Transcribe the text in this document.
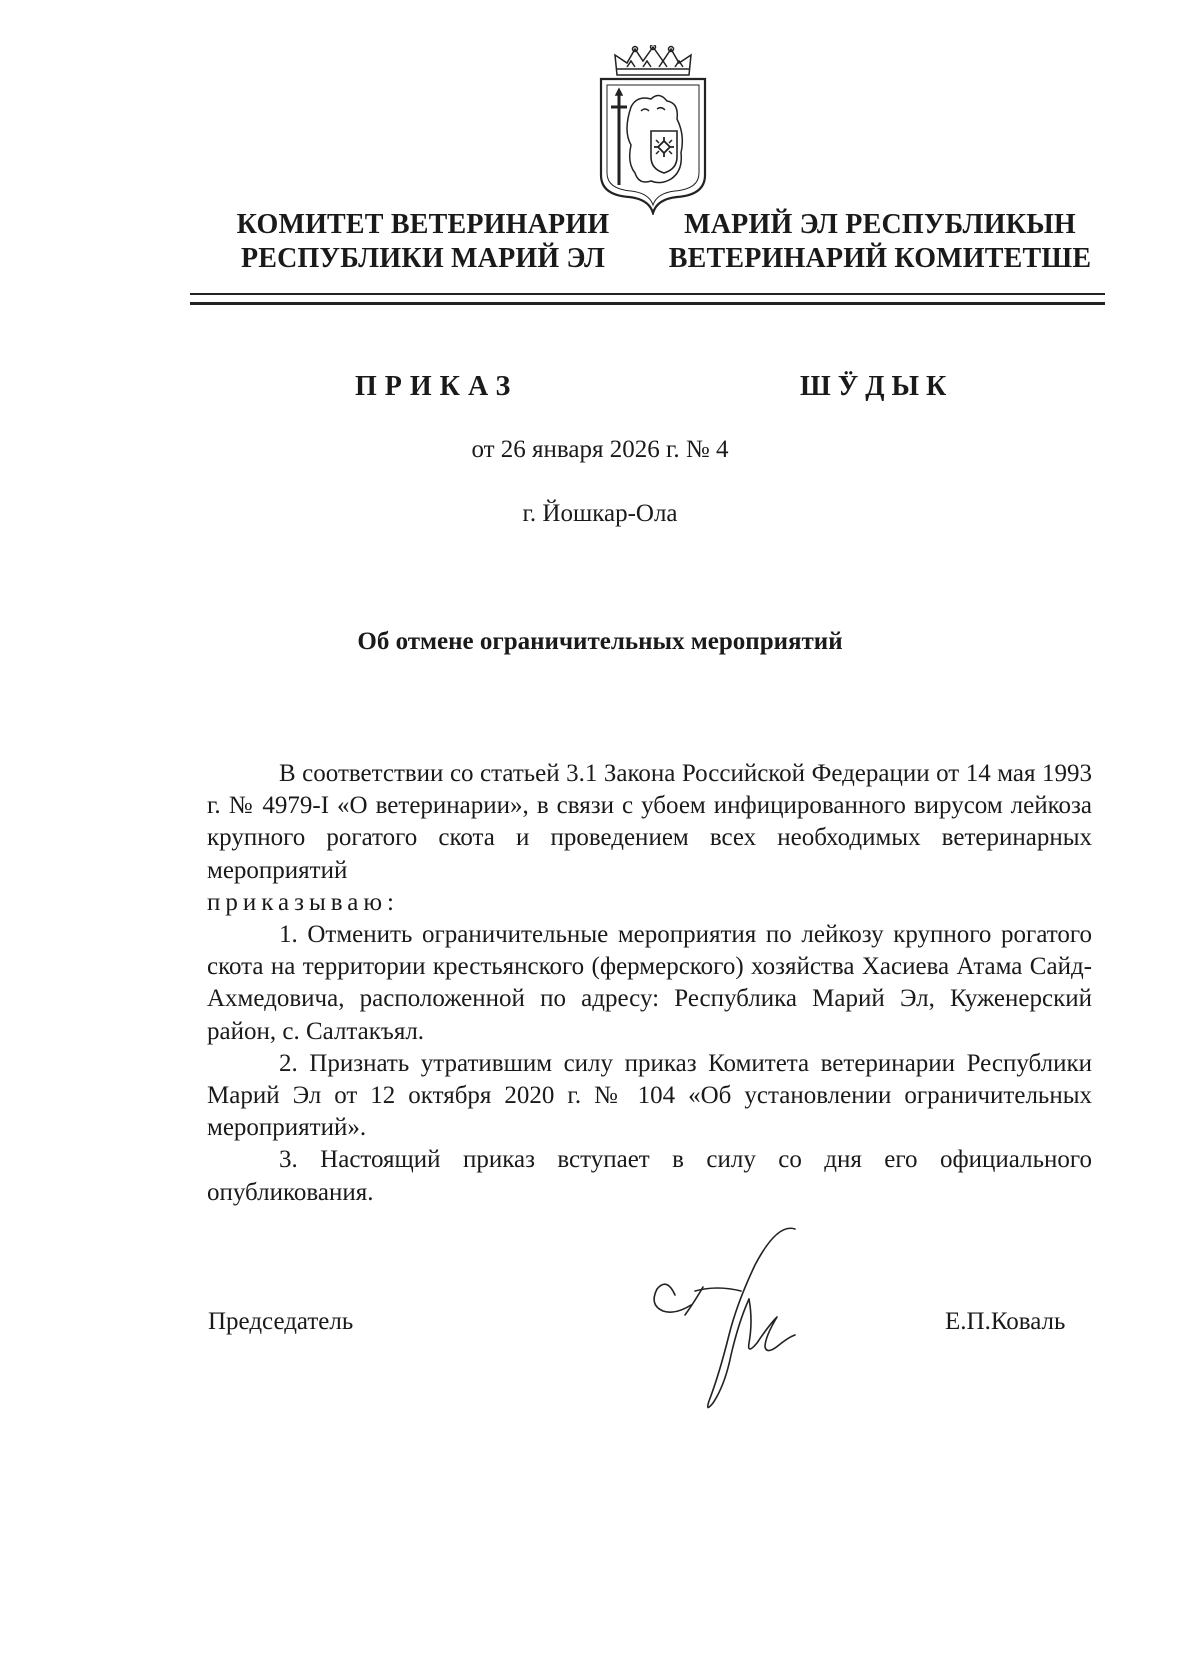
КОМИТЕТ ВЕТЕРИНАРИИ
РЕСПУБЛИКИ МАРИЙ ЭЛ
МАРИЙ ЭЛ РЕСПУБЛИКЫН
ВЕТЕРИНАРИЙ КОМИТЕТШЕ
ПРИКАЗ	ШӰДЫК
от 26 января 2026 г. № 4
г. Йошкар-Ола
Об отмене ограничительных мероприятий

В соответствии со статьей 3.1 Закона Российской Федерации от 14 мая 1993 г. № 4979-I «О ветеринарии», в связи с убоем инфицированного вирусом лейкоза крупного рогатого скота и проведением всех необходимых ветеринарных мероприятий

приказываю:

1. Отменить ограничительные мероприятия по лейкозу крупного рогатого скота на территории крестьянского (фермерского) хозяйства Хасиева Атама Сайд-Ахмедовича, расположенной по адресу: Республика Марий Эл, Куженерский район, с. Салтакъял.

2. Признать утратившим силу приказ Комитета ветеринарии Республики Марий Эл от 12 октября 2020 г. № 104 «Об установлении ограничительных мероприятий».

3. Настоящий приказ вступает в силу со дня его официального опубликования.

Председатель	Е.П.Коваль
